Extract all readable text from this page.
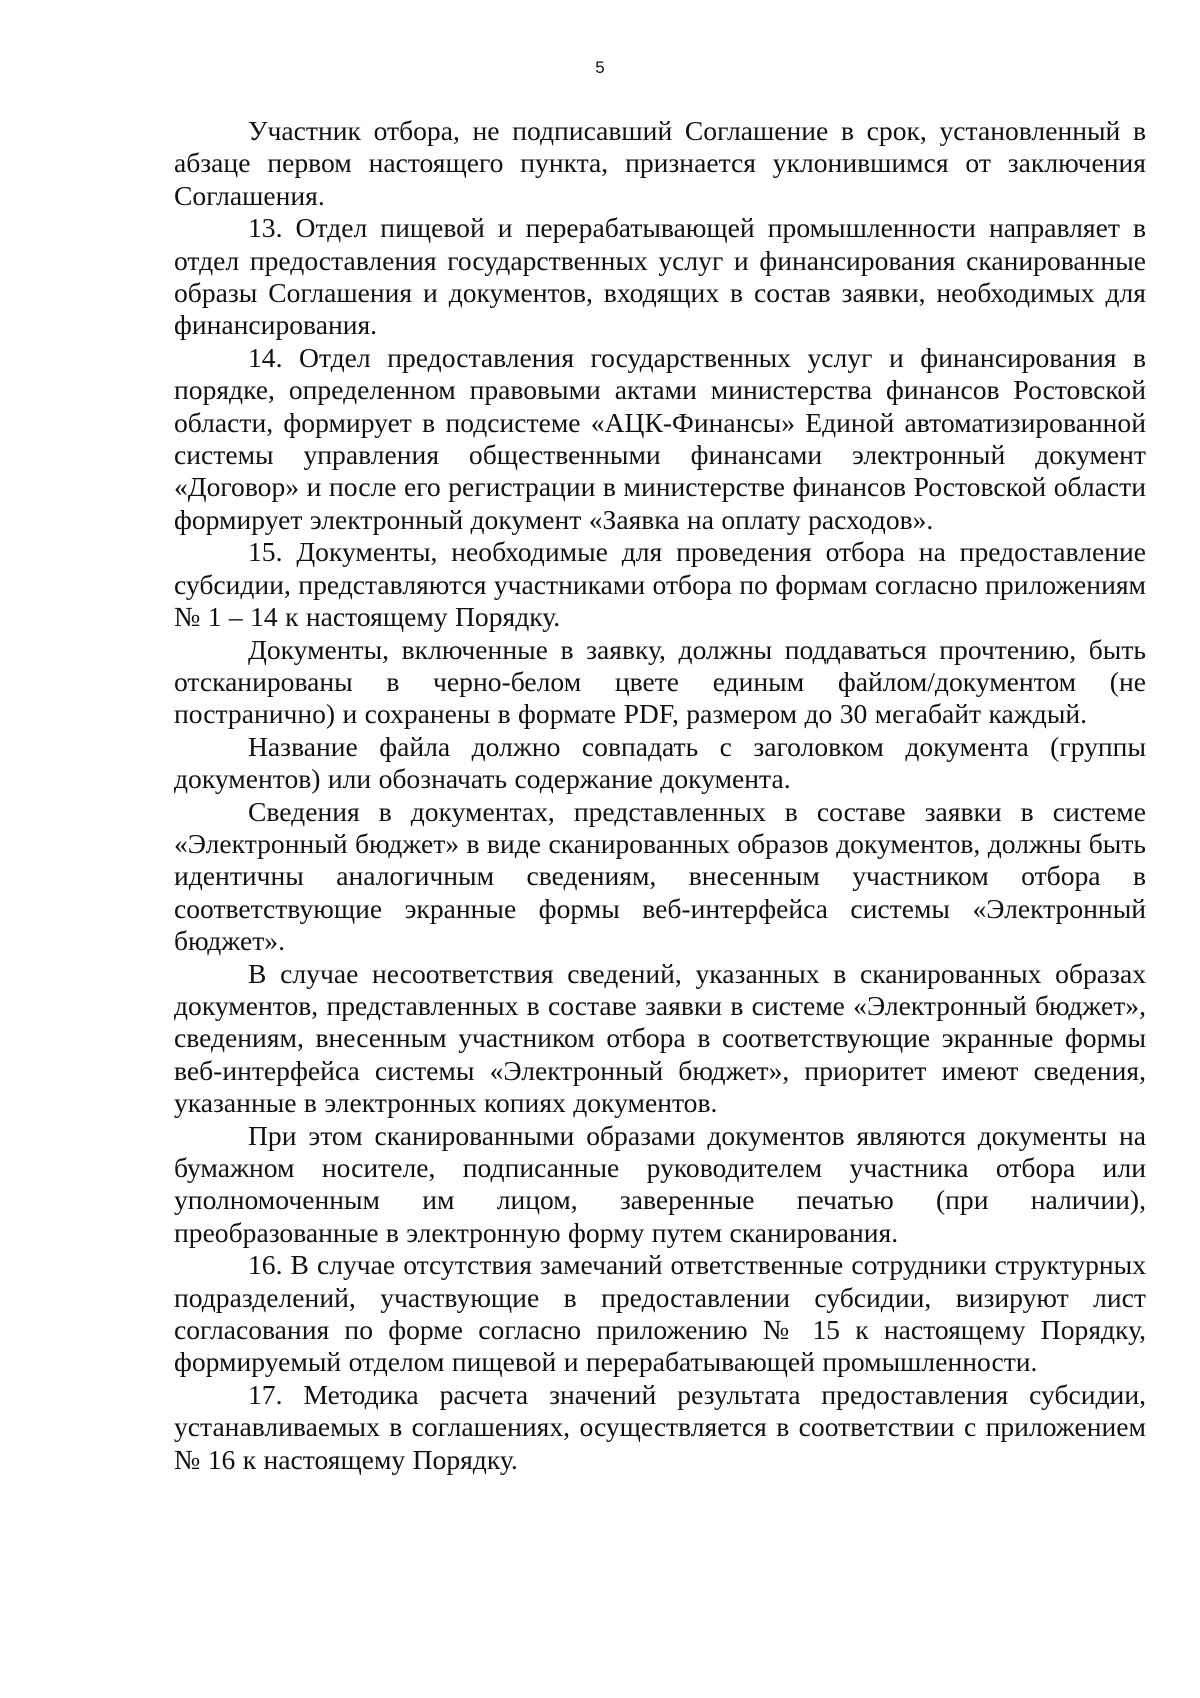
5

Участник отбора, не подписавший Соглашение в срок, установленный в абзаце первом настоящего пункта, признается уклонившимся от заключения Соглашения.

13. Отдел пищевой и перерабатывающей промышленности направляет в отдел предоставления государственных услуг и финансирования сканированные образы Соглашения и документов, входящих в состав заявки, необходимых для финансирования.

14. Отдел предоставления государственных услуг и финансирования в порядке, определенном правовыми актами министерства финансов Ростовской области, формирует в подсистеме «АЦК-Финансы» Единой автоматизированной системы управления общественными финансами электронный документ «Договор» и после его регистрации в министерстве финансов Ростовской области формирует электронный документ «Заявка на оплату расходов».

15. Документы, необходимые для проведения отбора на предоставление субсидии, представляются участниками отбора по формам согласно приложениям № 1 – 14 к настоящему Порядку.

Документы, включенные в заявку, должны поддаваться прочтению, быть отсканированы в черно-белом цвете единым файлом/документом (не постранично) и сохранены в формате PDF, размером до 30 мегабайт каждый.

Название файла должно совпадать с заголовком документа (группы документов) или обозначать содержание документа.

Сведения в документах, представленных в составе заявки в системе «Электронный бюджет» в виде сканированных образов документов, должны быть идентичны аналогичным сведениям, внесенным участником отбора в соответствующие экранные формы веб-интерфейса системы «Электронный бюджет».

В случае несоответствия сведений, указанных в сканированных образах документов, представленных в составе заявки в системе «Электронный бюджет», сведениям, внесенным участником отбора в соответствующие экранные формы веб-интерфейса системы «Электронный бюджет», приоритет имеют сведения, указанные в электронных копиях документов.

При этом сканированными образами документов являются документы на бумажном носителе, подписанные руководителем участника отбора или уполномоченным им лицом, заверенные печатью (при наличии), преобразованные в электронную форму путем сканирования.

16. В случае отсутствия замечаний ответственные сотрудники структурных подразделений, участвующие в предоставлении субсидии, визируют лист согласования по форме согласно приложению № 15 к настоящему Порядку, формируемый отделом пищевой и перерабатывающей промышленности.

17. Методика расчета значений результата предоставления субсидии, устанавливаемых в соглашениях, осуществляется в соответствии с приложением № 16 к настоящему Порядку.
